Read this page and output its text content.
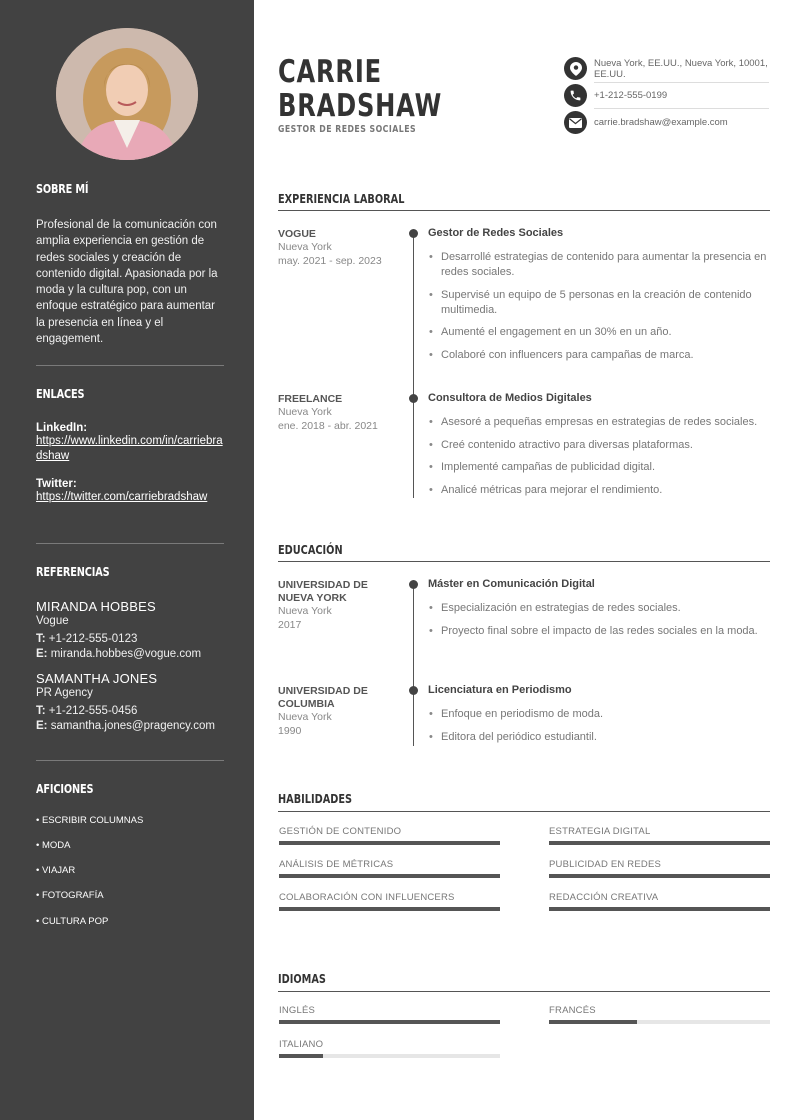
SOBRE MÍ

Profesional de la comunicación con amplia experiencia en gestión de redes sociales y creación de contenido digital. Apasionada por la moda y la cultura pop, con un enfoque estratégico para aumentar la presencia en línea y el engagement.

ENLACES
LinkedIn:
https://www.linkedin.com/in/carriebradshaw
Twitter:
https://twitter.com/carriebradshaw
REFERENCIAS
MIRANDA HOBBES
Vogue
T: +1-212-555-0123
E: miranda.hobbes@vogue.com
SAMANTHA JONES
PR Agency
T: +1-212-555-0456
E: samantha.jones@pragency.com
AFICIONES
• ESCRIBIR COLUMNAS
• MODA
• VIAJAR
• FOTOGRAFÍA
• CULTURA POP
CARRIE
BRADSHAW
GESTOR DE REDES SOCIALES
Nueva York, EE.UU., Nueva York, 10001, EE.UU.
+1-212-555-0199
carrie.bradshaw@example.com
EXPERIENCIA LABORAL
VOGUE
Nueva York
may. 2021 - sep. 2023
Gestor de Redes Sociales
• Desarrollé estrategias de contenido para aumentar la presencia en redes sociales.
• Supervisé un equipo de 5 personas en la creación de contenido multimedia.
• Aumenté el engagement en un 30% en un año.
• Colaboré con influencers para campañas de marca.
FREELANCE
Nueva York
ene. 2018 - abr. 2021
Consultora de Medios Digitales
• Asesoré a pequeñas empresas en estrategias de redes sociales.
• Creé contenido atractivo para diversas plataformas.
• Implementé campañas de publicidad digital.
• Analicé métricas para mejorar el rendimiento.
EDUCACIÓN
UNIVERSIDAD DE NUEVA YORK
Nueva York
2017
Máster en Comunicación Digital
• Especialización en estrategias de redes sociales.
• Proyecto final sobre el impacto de las redes sociales en la moda.
UNIVERSIDAD DE COLUMBIA
Nueva York
1990
Licenciatura en Periodismo
• Enfoque en periodismo de moda.
• Editora del periódico estudiantil.
HABILIDADES
GESTIÓN DE CONTENIDO	ESTRATEGIA DIGITAL
ANÁLISIS DE MÉTRICAS	PUBLICIDAD EN REDES
COLABORACIÓN CON INFLUENCERS	REDACCIÓN CREATIVA
IDIOMAS
INGLÉS	FRANCÉS
ITALIANO
